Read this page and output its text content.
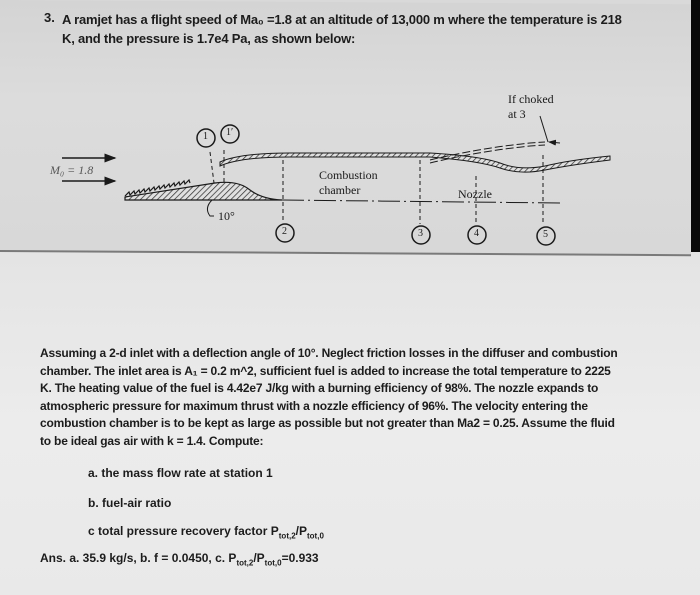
3. A ramjet has a flight speed of Ma₀ =1.8 at an altitude of 13,000 m where the temperature is 218
K, and the pressure is 1.7e4 Pa, as shown below:
M₀ = 1.8
10°
Combustion
chamber	Nozzle
If choked
at 3
1 1′
2	3	4	5
Assuming a 2-d inlet with a deflection angle of 10°. Neglect friction losses in the diffuser and combustion
chamber. The inlet area is A₁ = 0.2 m^2, sufficient fuel is added to increase the total temperature to 2225
K. The heating value of the fuel is 4.42e7 J/kg with a burning efficiency of 98%. The nozzle expands to
atmospheric pressure for maximum thrust with a nozzle efficiency of 96%. The velocity entering the
combustion chamber is to be kept as large as possible but not greater than Ma2 = 0.25. Assume the fluid
to be ideal gas air with k = 1.4. Compute:
a. the mass flow rate at station 1
b. fuel-air ratio
c total pressure recovery factor $P_{tot,2}/P_{tot,0}$
Ans. a. 35.9 kg/s, b. f = 0.0450, c. $P_{tot,2}/P_{tot,0}=0.933$
